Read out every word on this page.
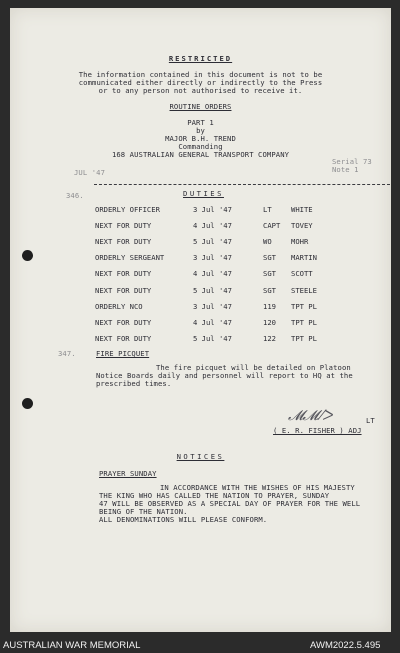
RESTRICTED
The information contained in this document is not to be
communicated either directly or indirectly to the Press
or to any person not authorised to receive it.
ROUTINE ORDERS
PART 1
by
MAJOR B.H. TREND
Commanding
168 AUSTRALIAN GENERAL TRANSPORT COMPANY
JUL '47
Serial 73
Note 1
346.	DUTIES
ORDERLY OFFICER	3 Jul '47	LT	WHITE
NEXT FOR DUTY	4 Jul '47	CAPT TOVEY
NEXT FOR DUTY	5 Jul '47	WO	MOHR
ORDERLY SERGEANT	3 Jul '47	SGT MARTIN
NEXT FOR DUTY	4 Jul '47	SGT SCOTT
NEXT FOR DUTY	5 Jul '47	SGT STEELE
ORDERLY NCO	3 Jul '47	119 TPT PL
NEXT FOR DUTY	4 Jul '47	120 TPT PL
NEXT FOR DUTY	5 Jul '47	122 TPT PL
347.	FIRE PICQUET
The fire picquet will be detailed on Platoon
Notice Boards daily and personnel will report to HQ at the
prescribed times.
𝓜𝓜 ⁄ᐳ	LT
( E. R. FISHER ) ADJ
NOTICES
PRAYER SUNDAY
IN ACCORDANCE WITH THE WISHES OF HIS MAJESTY
THE KING WHO HAS CALLED THE NATION TO PRAYER, SUNDAY
47 WILL BE OBSERVED AS A SPECIAL DAY OF PRAYER FOR THE WELL
BEING OF THE NATION.
ALL DENOMINATIONS WILL PLEASE CONFORM.
AUSTRALIAN WAR MEMORIAL	AWM2022.5.495
